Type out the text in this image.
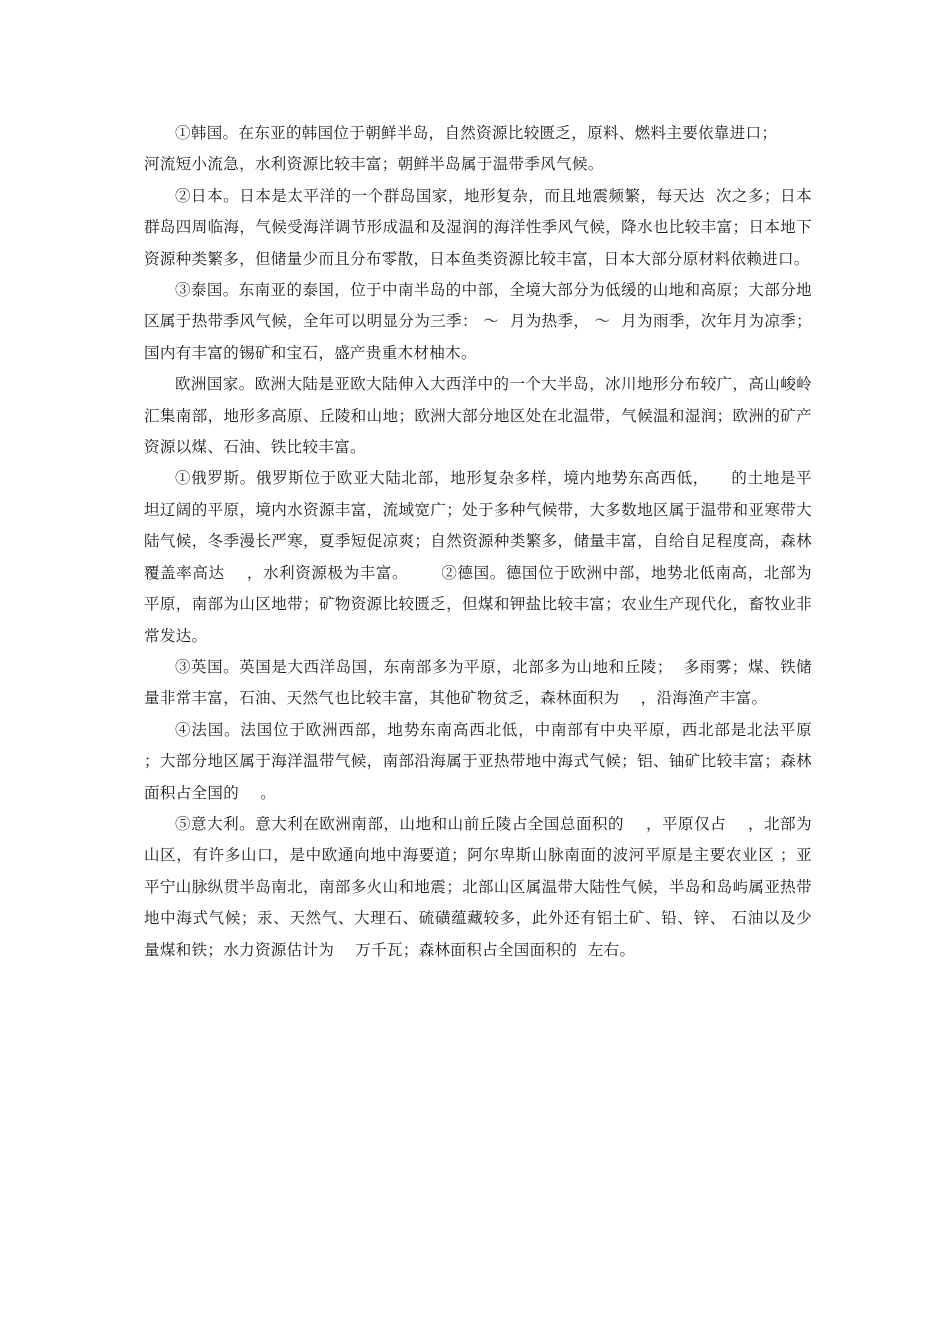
①韩国。在东亚的韩国位于朝鲜半岛，自然资源比较匮乏，原料、燃料主要依靠进口；
河流短小流急，水利资源比较丰富；朝鲜半岛属于温带季风气候。

②日本。日本是太平洋的一个群岛国家，地形复杂，而且地震频繁，每天达  次之多；日本群岛四周临海，气候受海洋调节形成温和及湿润的海洋性季风气候，降水也比较丰富；日本地下资源种类繁多，但储量少而且分布零散，日本鱼类资源比较丰富，日本大部分原材料依赖进口。

③泰国。东南亚的泰国，位于中南半岛的中部，全境大部分为低缓的山地和高原；大部分地区属于热带季风气候，全年可以明显分为三季： ～  月为热季， ～  月为雨季，次年月为凉季；国内有丰富的锡矿和宝石，盛产贵重木材柚木。

欧洲国家。欧洲大陆是亚欧大陆伸入大西洋中的一个大半岛，冰川地形分布较广，高山峻岭汇集南部，地形多高原、丘陵和山地；欧洲大部分地区处在北温带，气候温和湿润；欧洲的矿产资源以煤、石油、铁比较丰富。

①俄罗斯。俄罗斯位于欧亚大陆北部，地形复杂多样，境内地势东高西低，    的土地是平坦辽阔的平原，境内水资源丰富，流域宽广；处于多种气候带，大多数地区属于温带和亚寒带大陆气候，冬季漫长严寒，夏季短促凉爽；自然资源种类繁多，储量丰富，自给自足程度高，森林覆盖率高达    ，水利资源极为丰富。      ②德国。德国位于欧洲中部，地势北低南高，北部为平原，南部为山区地带；矿物资源比较匮乏，但煤和钾盐比较丰富；农业生产现代化，畜牧业非常发达。

③英国。英国是大西洋岛国，东南部多为平原，北部多为山地和丘陵；  多雨雾；煤、铁储量非常丰富，石油、天然气也比较丰富，其他矿物贫乏，森林面积为    ，沿海渔产丰富。

④法国。法国位于欧洲西部，地势东南高西北低，中南部有中央平原，西北部是北法平原 ；大部分地区属于海洋温带气候，南部沿海属于亚热带地中海式气候；铝、铀矿比较丰富；森林面积占全国的    。

⑤意大利。意大利在欧洲南部，山地和山前丘陵占全国总面积的    ，平原仅占    ，北部为山区，有许多山口，是中欧通向地中海要道；阿尔卑斯山脉南面的波河平原是主要农业区 ；亚平宁山脉纵贯半岛南北，南部多火山和地震；北部山区属温带大陆性气候，半岛和岛屿属亚热带地中海式气候；汞、天然气、大理石、硫磺蕴藏较多，此外还有铝土矿、铅、锌、 石油以及少量煤和铁；水力资源估计为    万千瓦；森林面积占全国面积的  左右。
